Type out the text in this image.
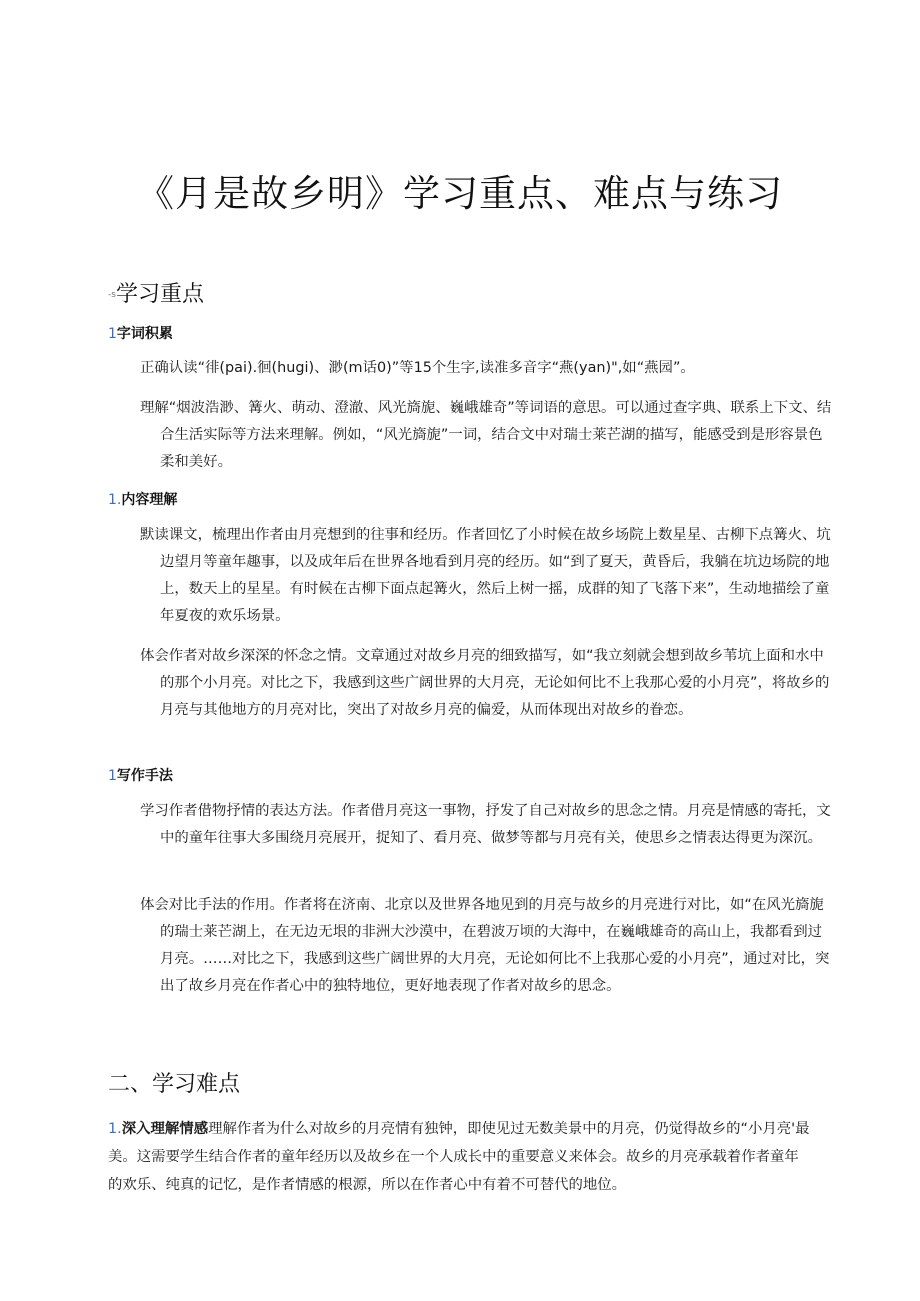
《月是故乡明》学习重点、难点与练习
-s学习重点
1字词积累

正确认读“徘(pai).徊(hugi)、渺(m话0)”等15个生字,读准多音字“燕(yan)",如“燕园”。

理解“烟波浩渺、篝火、萌动、澄澈、风光旖旎、巍峨雄奇”等词语的意思。可以通过查字典、联系上下文、结合生活实际等方法来理解。例如，“风光旖旎”一词，结合文中对瑞士莱芒湖的描写，能感受到是形容景色柔和美好。

1.内容理解

默读课文，梳理出作者由月亮想到的往事和经历。作者回忆了小时候在故乡场院上数星星、古柳下点篝火、坑边望月等童年趣事，以及成年后在世界各地看到月亮的经历。如“到了夏天，黄昏后，我躺在坑边场院的地上，数天上的星星。有时候在古柳下面点起篝火，然后上树一摇，成群的知了飞落下来”，生动地描绘了童年夏夜的欢乐场景。

体会作者对故乡深深的怀念之情。文章通过对故乡月亮的细致描写，如“我立刻就会想到故乡苇坑上面和水中的那个小月亮。对比之下，我感到这些广阔世界的大月亮，无论如何比不上我那心爱的小月亮”，将故乡的月亮与其他地方的月亮对比，突出了对故乡月亮的偏爱，从而体现出对故乡的眷恋。

1写作手法

学习作者借物抒情的表达方法。作者借月亮这一事物，抒发了自己对故乡的思念之情。月亮是情感的寄托，文中的童年往事大多围绕月亮展开，捉知了、看月亮、做梦等都与月亮有关，使思乡之情表达得更为深沉。

体会对比手法的作用。作者将在济南、北京以及世界各地见到的月亮与故乡的月亮进行对比，如“在风光旖旎的瑞士莱芒湖上，在无边无垠的非洲大沙漠中，在碧波万顷的大海中，在巍峨雄奇的高山上，我都看到过月亮。……对比之下，我感到这些广阔世界的大月亮，无论如何比不上我那心爱的小月亮”，通过对比，突出了故乡月亮在作者心中的独特地位，更好地表现了作者对故乡的思念。

二、学习难点

1.深入理解情感理解作者为什么对故乡的月亮情有独钟，即使见过无数美景中的月亮，仍觉得故乡的“小月亮'最美。这需要学生结合作者的童年经历以及故乡在一个人成长中的重要意义来体会。故乡的月亮承载着作者童年的欢乐、纯真的记忆，是作者情感的根源，所以在作者心中有着不可替代的地位。
